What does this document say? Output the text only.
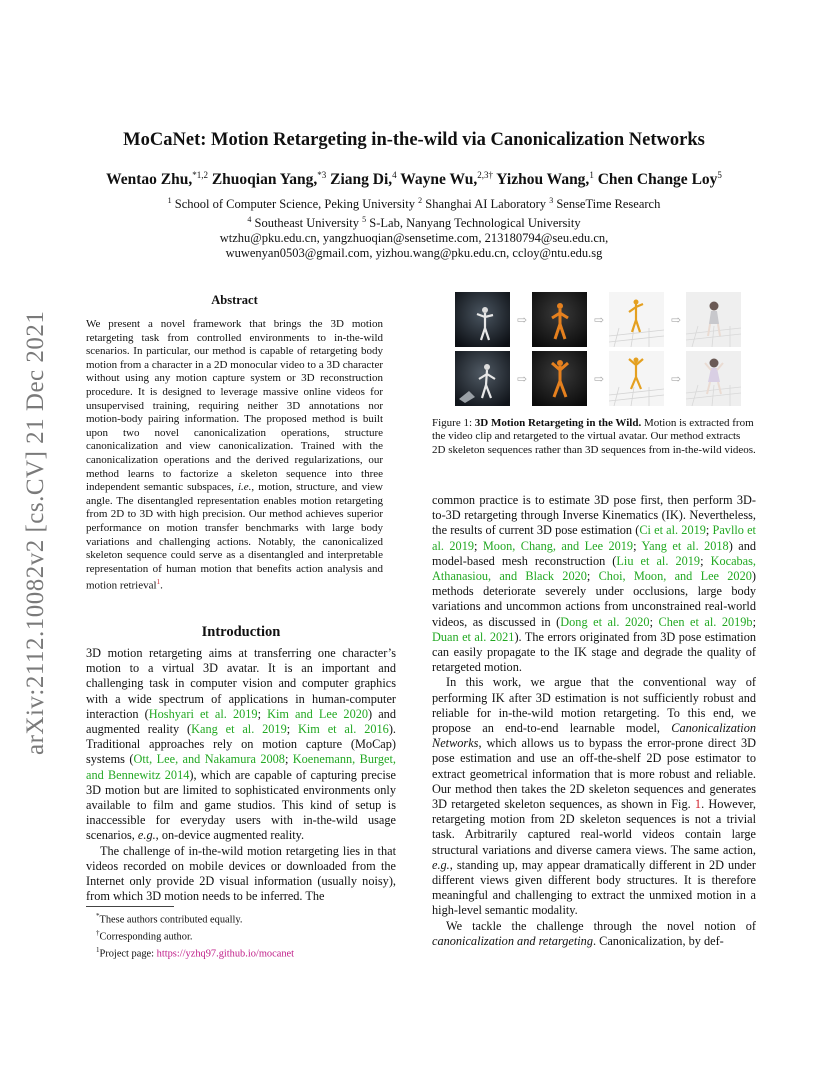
arXiv:2112.10082v2 [cs.CV] 21 Dec 2021
MoCaNet: Motion Retargeting in-the-wild via Canonicalization Networks
Wentao Zhu,$^{*1,2}$ Zhuoqian Yang,$^{*3}$ Ziang Di,$^4$ Wayne Wu,$^{2,3\dagger}$ Yizhou Wang,$^1$ Chen Change Loy$^5$
$^1$ School of Computer Science, Peking University $^2$ Shanghai AI Laboratory $^3$ SenseTime Research
$^4$ Southeast University $^5$ S-Lab, Nanyang Technological University
wtzhu@pku.edu.cn, yangzhuoqian@sensetime.com, 213180794@seu.edu.cn,
wuwenyan0503@gmail.com, yizhou.wang@pku.edu.cn, ccloy@ntu.edu.sg
Abstract
We present a novel framework that brings the 3D motion retargeting task from controlled environments to in-the-wild scenarios. In particular, our method is capable of retargeting body motion from a character in a 2D monocular video to a 3D character without using any motion capture system or 3D reconstruction procedure. It is designed to leverage massive online videos for unsupervised training, requiring neither 3D annotations nor motion-body pairing information. The proposed method is built upon two novel canonicalization operations, structure canonicalization and view canonicalization. Trained with the canonicalization operations and the derived regularizations, our method learns to factorize a skeleton sequence into three independent semantic subspaces, i.e., motion, structure, and view angle. The disentangled representation enables motion retargeting from 2D to 3D with high precision. Our method achieves superior performance on motion transfer benchmarks with large body variations and challenging actions. Notably, the canonicalized skeleton sequence could serve as a disentangled and interpretable representation of human motion that benefits action analysis and motion retrieval$^1$.
Introduction

3D motion retargeting aims at transferring one character’s motion to a virtual 3D avatar. It is an important and challenging task in computer vision and computer graphics with a wide spectrum of applications in human-computer interaction (Hoshyari et al. 2019; Kim and Lee 2020) and augmented reality (Kang et al. 2019; Kim et al. 2016). Traditional approaches rely on motion capture (MoCap) systems (Ott, Lee, and Nakamura 2008; Koenemann, Burget, and Bennewitz 2014), which are capable of capturing precise 3D motion but are limited to sophisticated environments only available to film and game studios. This kind of setup is inaccessible for everyday users with in-the-wild usage scenarios, e.g., on-device augmented reality.

The challenge of in-the-wild motion retargeting lies in that videos recorded on mobile devices or downloaded from the Internet only provide 2D visual information (usually noisy), from which 3D motion needs to be inferred. The

⇨	⇨	⇨
⇨	⇨	⇨
Figure 1: 3D Motion Retargeting in the Wild. Motion is extracted from the video clip and retargeted to the virtual avatar. Our method extracts 2D skeleton sequences rather than 3D sequences from in-the-wild videos.

common practice is to estimate 3D pose first, then perform 3D-to-3D retargeting through Inverse Kinematics (IK). Nevertheless, the results of current 3D pose estimation (Ci et al. 2019; Pavllo et al. 2019; Moon, Chang, and Lee 2019; Yang et al. 2018) and model-based mesh reconstruction (Liu et al. 2019; Kocabas, Athanasiou, and Black 2020; Choi, Moon, and Lee 2020) methods deteriorate severely under occlusions, large body variations and uncommon actions from unconstrained real-world videos, as discussed in (Dong et al. 2020; Chen et al. 2019b; Duan et al. 2021). The errors originated from 3D pose estimation can easily propagate to the IK stage and degrade the quality of retargeted motion.

In this work, we argue that the conventional way of performing IK after 3D estimation is not sufficiently robust and reliable for in-the-wild motion retargeting. To this end, we propose an end-to-end learnable model, Canonicalization Networks, which allows us to bypass the error-prone direct 3D pose estimation and use an off-the-shelf 2D pose estimator to extract geometrical information that is more robust and reliable. Our method then takes the 2D skeleton sequences and generates 3D retargeted skeleton sequences, as shown in Fig. 1. However, retargeting motion from 2D skeleton sequences is not a trivial task. Arbitrarily captured real-world videos contain large structural variations and diverse camera views. The same action, e.g., standing up, may appear dramatically different in 2D under different views given different body structures. It is therefore meaningful and challenging to extract the unmixed motion in a high-level semantic modality.

We tackle the challenge through the novel notion of canonicalization and retargeting. Canonicalization, by def-

*These authors contributed equally.
†Corresponding author.
$^1$Project page: https://yzhq97.github.io/mocanet
